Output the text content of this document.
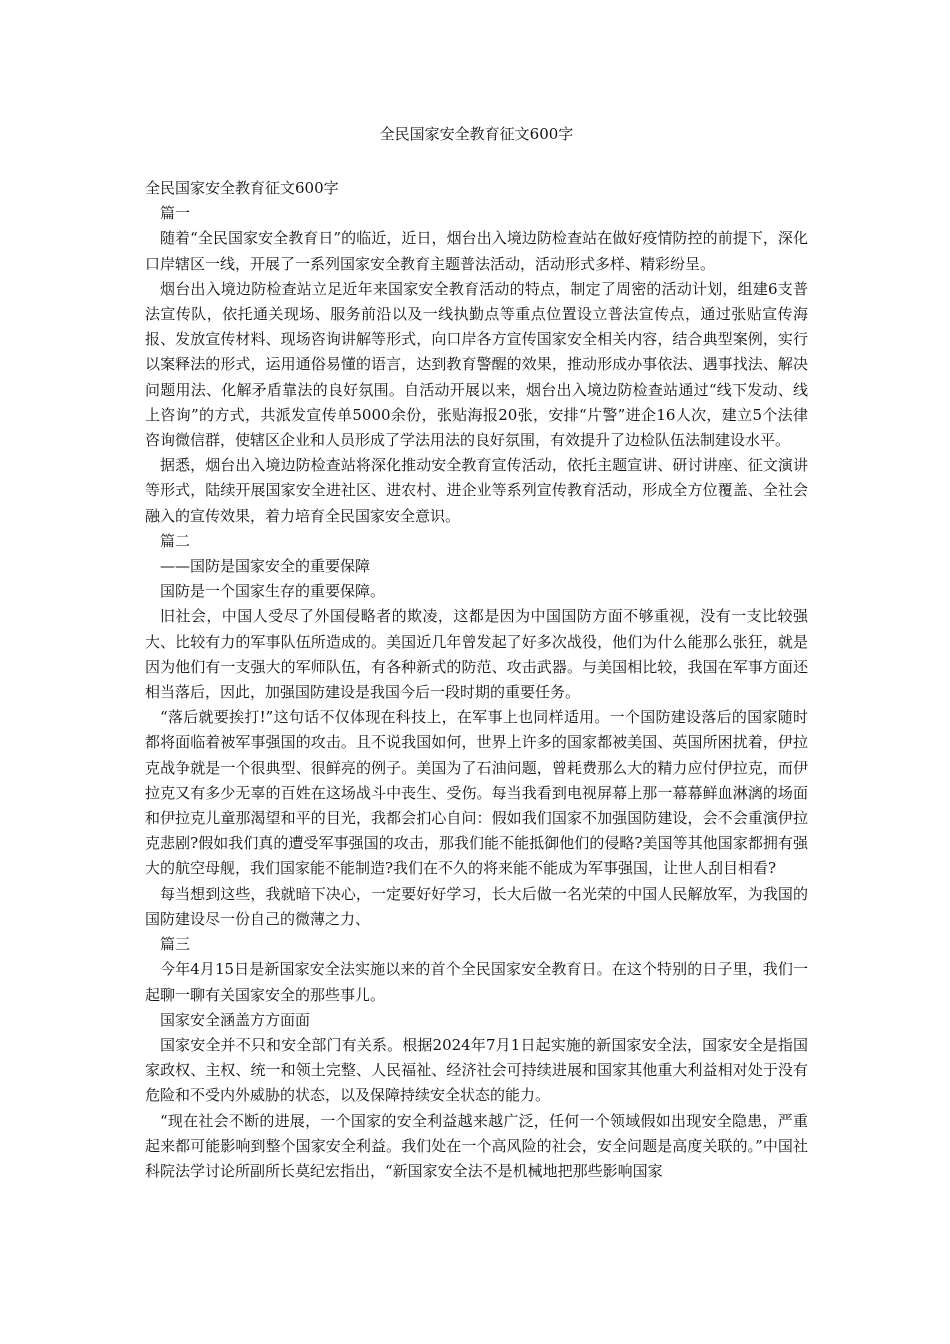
全民国家安全教育征文600字

全民国家安全教育征文600字

篇一

随着“全民国家安全教育日”的临近，近日，烟台出入境边防检查站在做好疫情防控的前提下，深化口岸辖区一线，开展了一系列国家安全教育主题普法活动，活动形式多样、精彩纷呈。

烟台出入境边防检查站立足近年来国家安全教育活动的特点，制定了周密的活动计划，组建6支普法宣传队，依托通关现场、服务前沿以及一线执勤点等重点位置设立普法宣传点，通过张贴宣传海报、发放宣传材料、现场咨询讲解等形式，向口岸各方宣传国家安全相关内容，结合典型案例，实行以案释法的形式，运用通俗易懂的语言，达到教育警醒的效果，推动形成办事依法、遇事找法、解决问题用法、化解矛盾靠法的良好氛围。自活动开展以来，烟台出入境边防检查站通过“线下发动、线上咨询”的方式，共派发宣传单5000余份，张贴海报20张，安排“片警”进企16人次，建立5个法律咨询微信群，使辖区企业和人员形成了学法用法的良好氛围，有效提升了边检队伍法制建设水平。

据悉，烟台出入境边防检查站将深化推动安全教育宣传活动，依托主题宣讲、研讨讲座、征文演讲等形式，陆续开展国家安全进社区、进农村、进企业等系列宣传教育活动，形成全方位覆盖、全社会融入的宣传效果，着力培育全民国家安全意识。

篇二

——国防是国家安全的重要保障

国防是一个国家生存的重要保障。

旧社会，中国人受尽了外国侵略者的欺凌，这都是因为中国国防方面不够重视，没有一支比较强大、比较有力的军事队伍所造成的。美国近几年曾发起了好多次战役，他们为什么能那么张狂，就是因为他们有一支强大的军师队伍，有各种新式的防范、攻击武器。与美国相比较，我国在军事方面还相当落后，因此，加强国防建设是我国今后一段时期的重要任务。

“落后就要挨打!”这句话不仅体现在科技上，在军事上也同样适用。一个国防建设落后的国家随时都将面临着被军事强国的攻击。且不说我国如何，世界上许多的国家都被美国、英国所困扰着，伊拉克战争就是一个很典型、很鲜亮的例子。美国为了石油问题，曾耗费那么大的精力应付伊拉克，而伊拉克又有多少无辜的百姓在这场战斗中丧生、受伤。每当我看到电视屏幕上那一幕幕鲜血淋漓的场面和伊拉克儿童那渴望和平的目光，我都会扪心自问：假如我们国家不加强国防建设，会不会重演伊拉克悲剧?假如我们真的遭受军事强国的攻击，那我们能不能抵御他们的侵略?美国等其他国家都拥有强大的航空母舰，我们国家能不能制造?我们在不久的将来能不能成为军事强国，让世人刮目相看?

每当想到这些，我就暗下决心，一定要好好学习，长大后做一名光荣的中国人民解放军，为我国的国防建设尽一份自己的微薄之力、

篇三

今年4月15日是新国家安全法实施以来的首个全民国家安全教育日。在这个特别的日子里，我们一起聊一聊有关国家安全的那些事儿。

国家安全涵盖方方面面

国家安全并不只和安全部门有关系。根据2024年7月1日起实施的新国家安全法，国家安全是指国家政权、主权、统一和领土完整、人民福祉、经济社会可持续进展和国家其他重大利益相对处于没有危险和不受内外威胁的状态，以及保障持续安全状态的能力。

“现在社会不断的进展，一个国家的安全利益越来越广泛，任何一个领域假如出现安全隐患，严重起来都可能影响到整个国家安全利益。我们处在一个高风险的社会，安全问题是高度关联的。”中国社科院法学讨论所副所长莫纪宏指出，“新国家安全法不是机械地把那些影响国家
